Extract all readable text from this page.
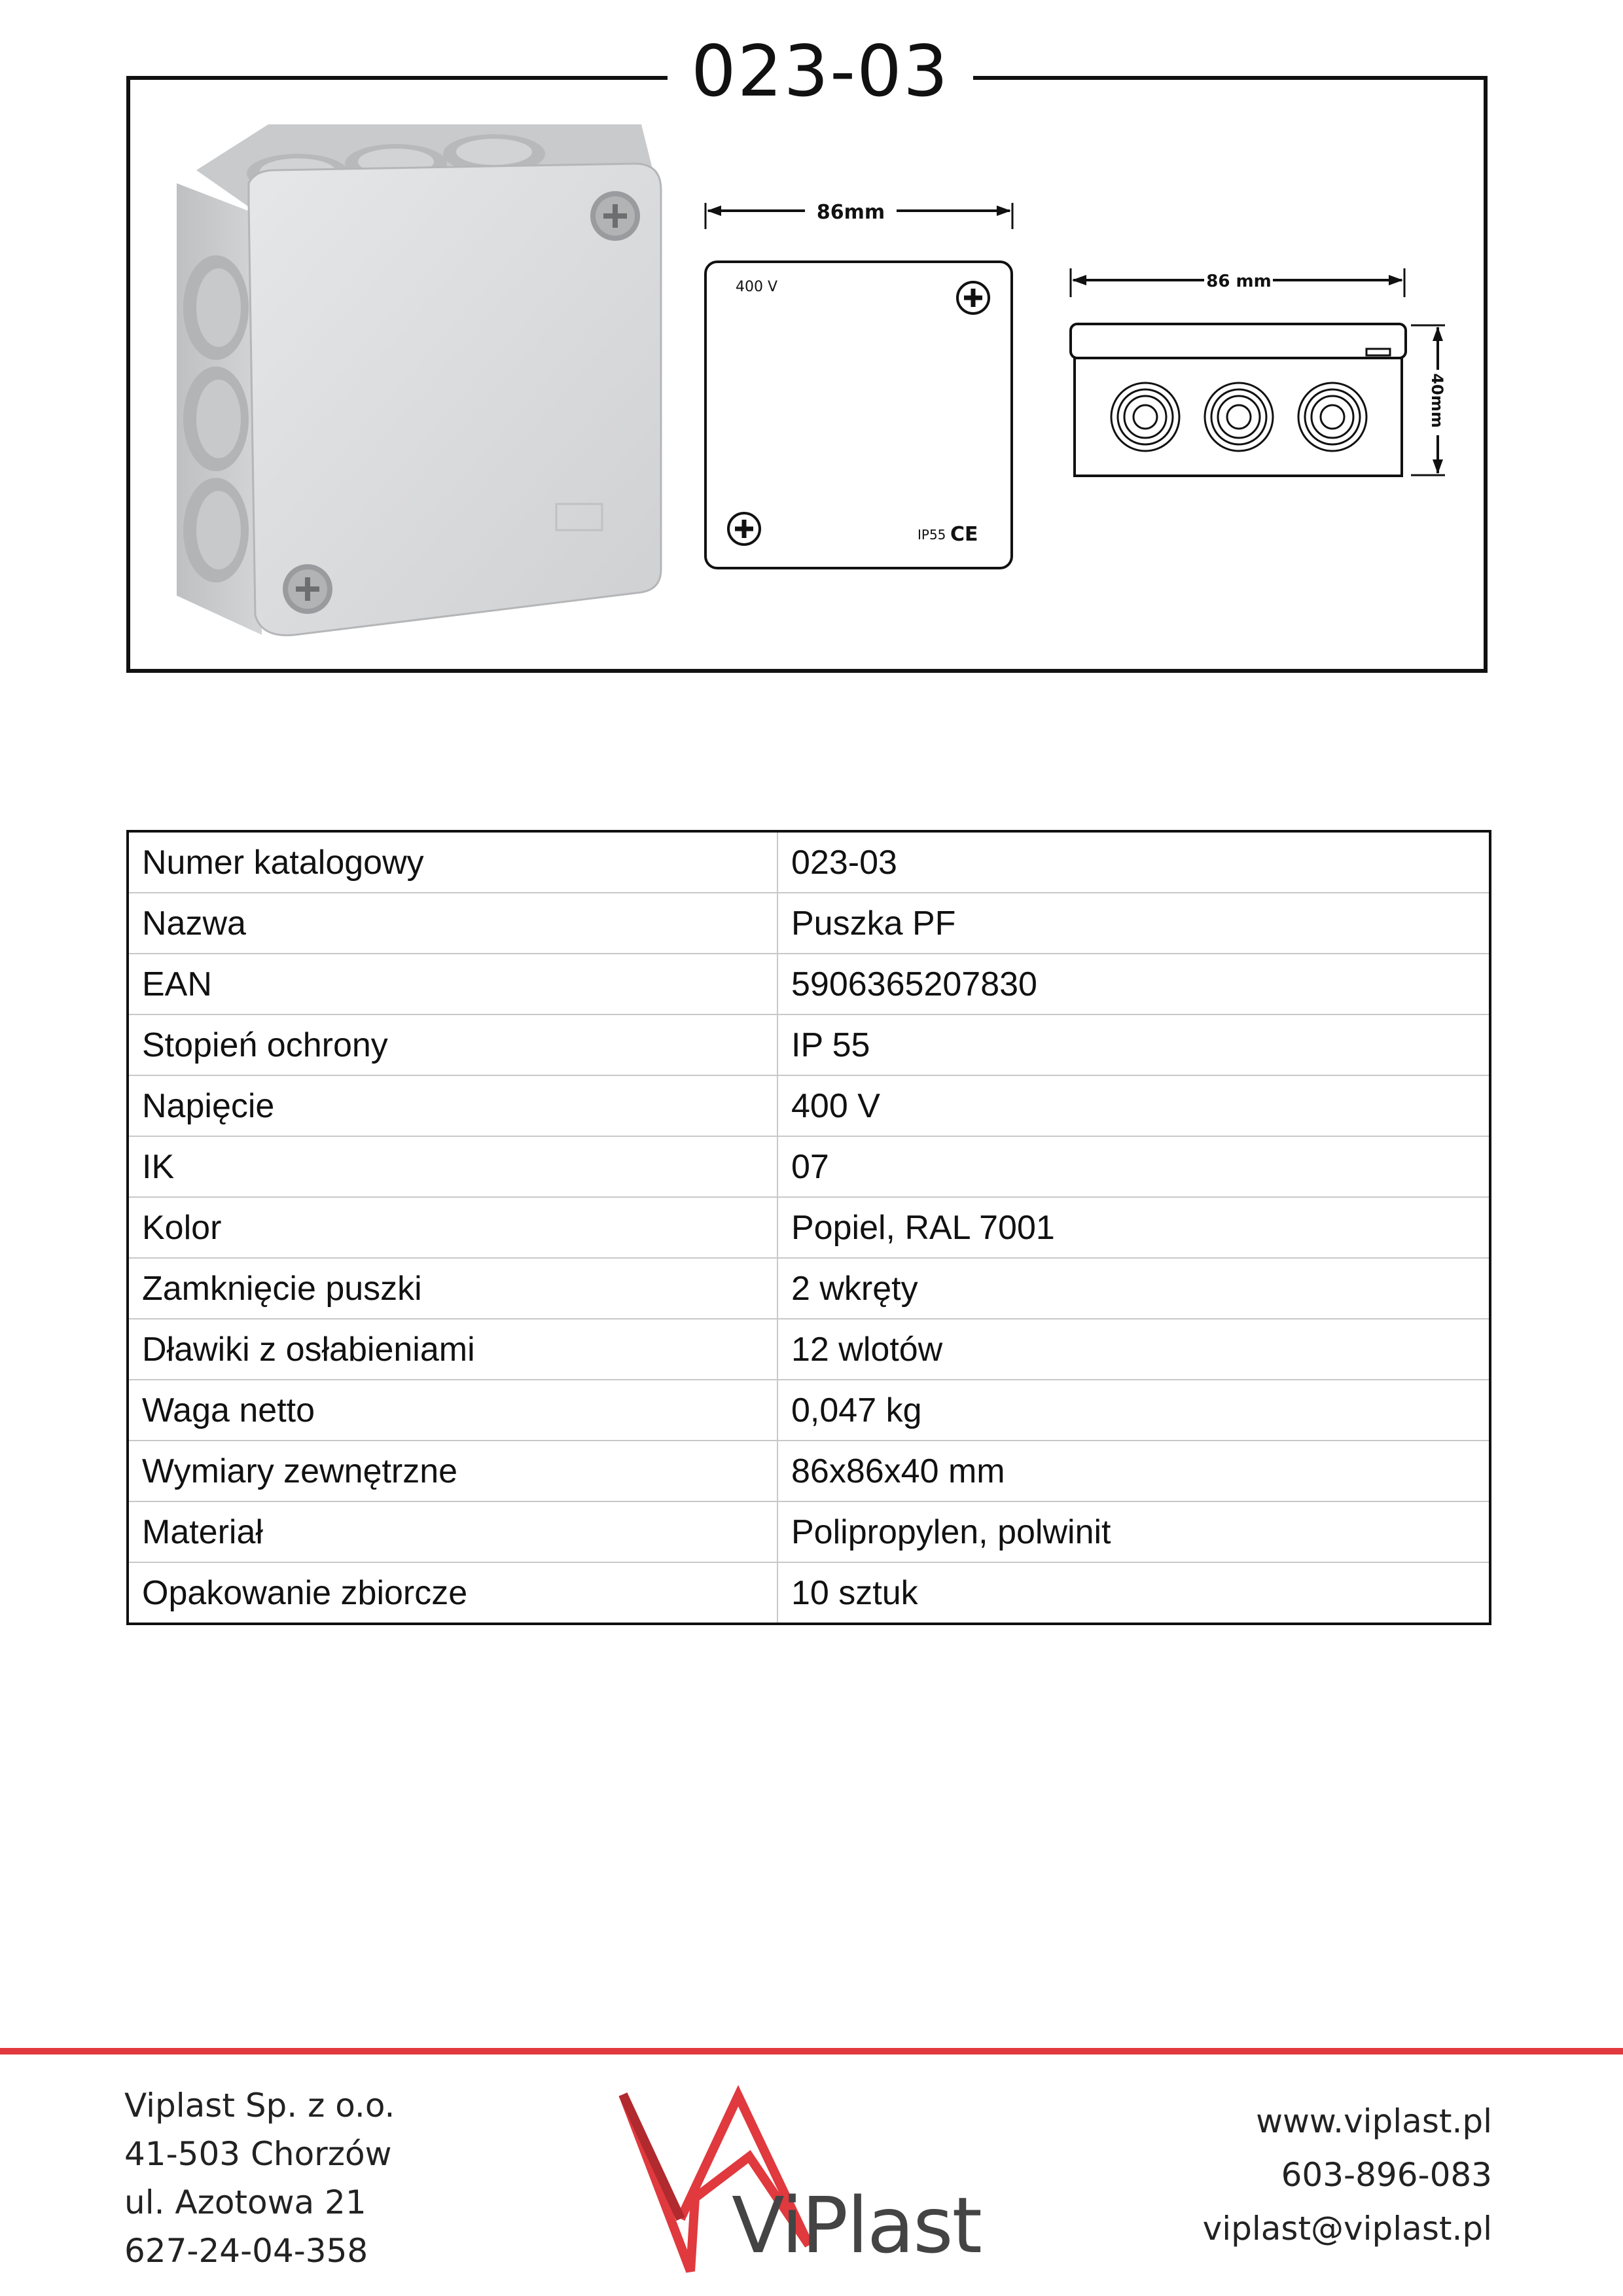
023-03
86mm
400 V
IP55 CE
86 mm
40mm
Numer katalogowy	023-03
Nazwa	Puszka PF
EAN	5906365207830
Stopień ochrony	IP 55
Napięcie	400 V
IK	07
Kolor	Popiel, RAL 7001
Zamknięcie puszki	2 wkręty
Dławiki z osłabieniami	12 wlotów
Waga netto	0,047 kg
Wymiary zewnętrzne	86x86x40 mm
Materiał	Polipropylen, polwinit
Opakowanie zbiorcze	10 sztuk
Viplast Sp. z o.o.
41-503 Chorzów
ul. Azotowa 21
627-24-04-358	ViPlast
www.viplast.pl
603-896-083
viplast@viplast.pl
